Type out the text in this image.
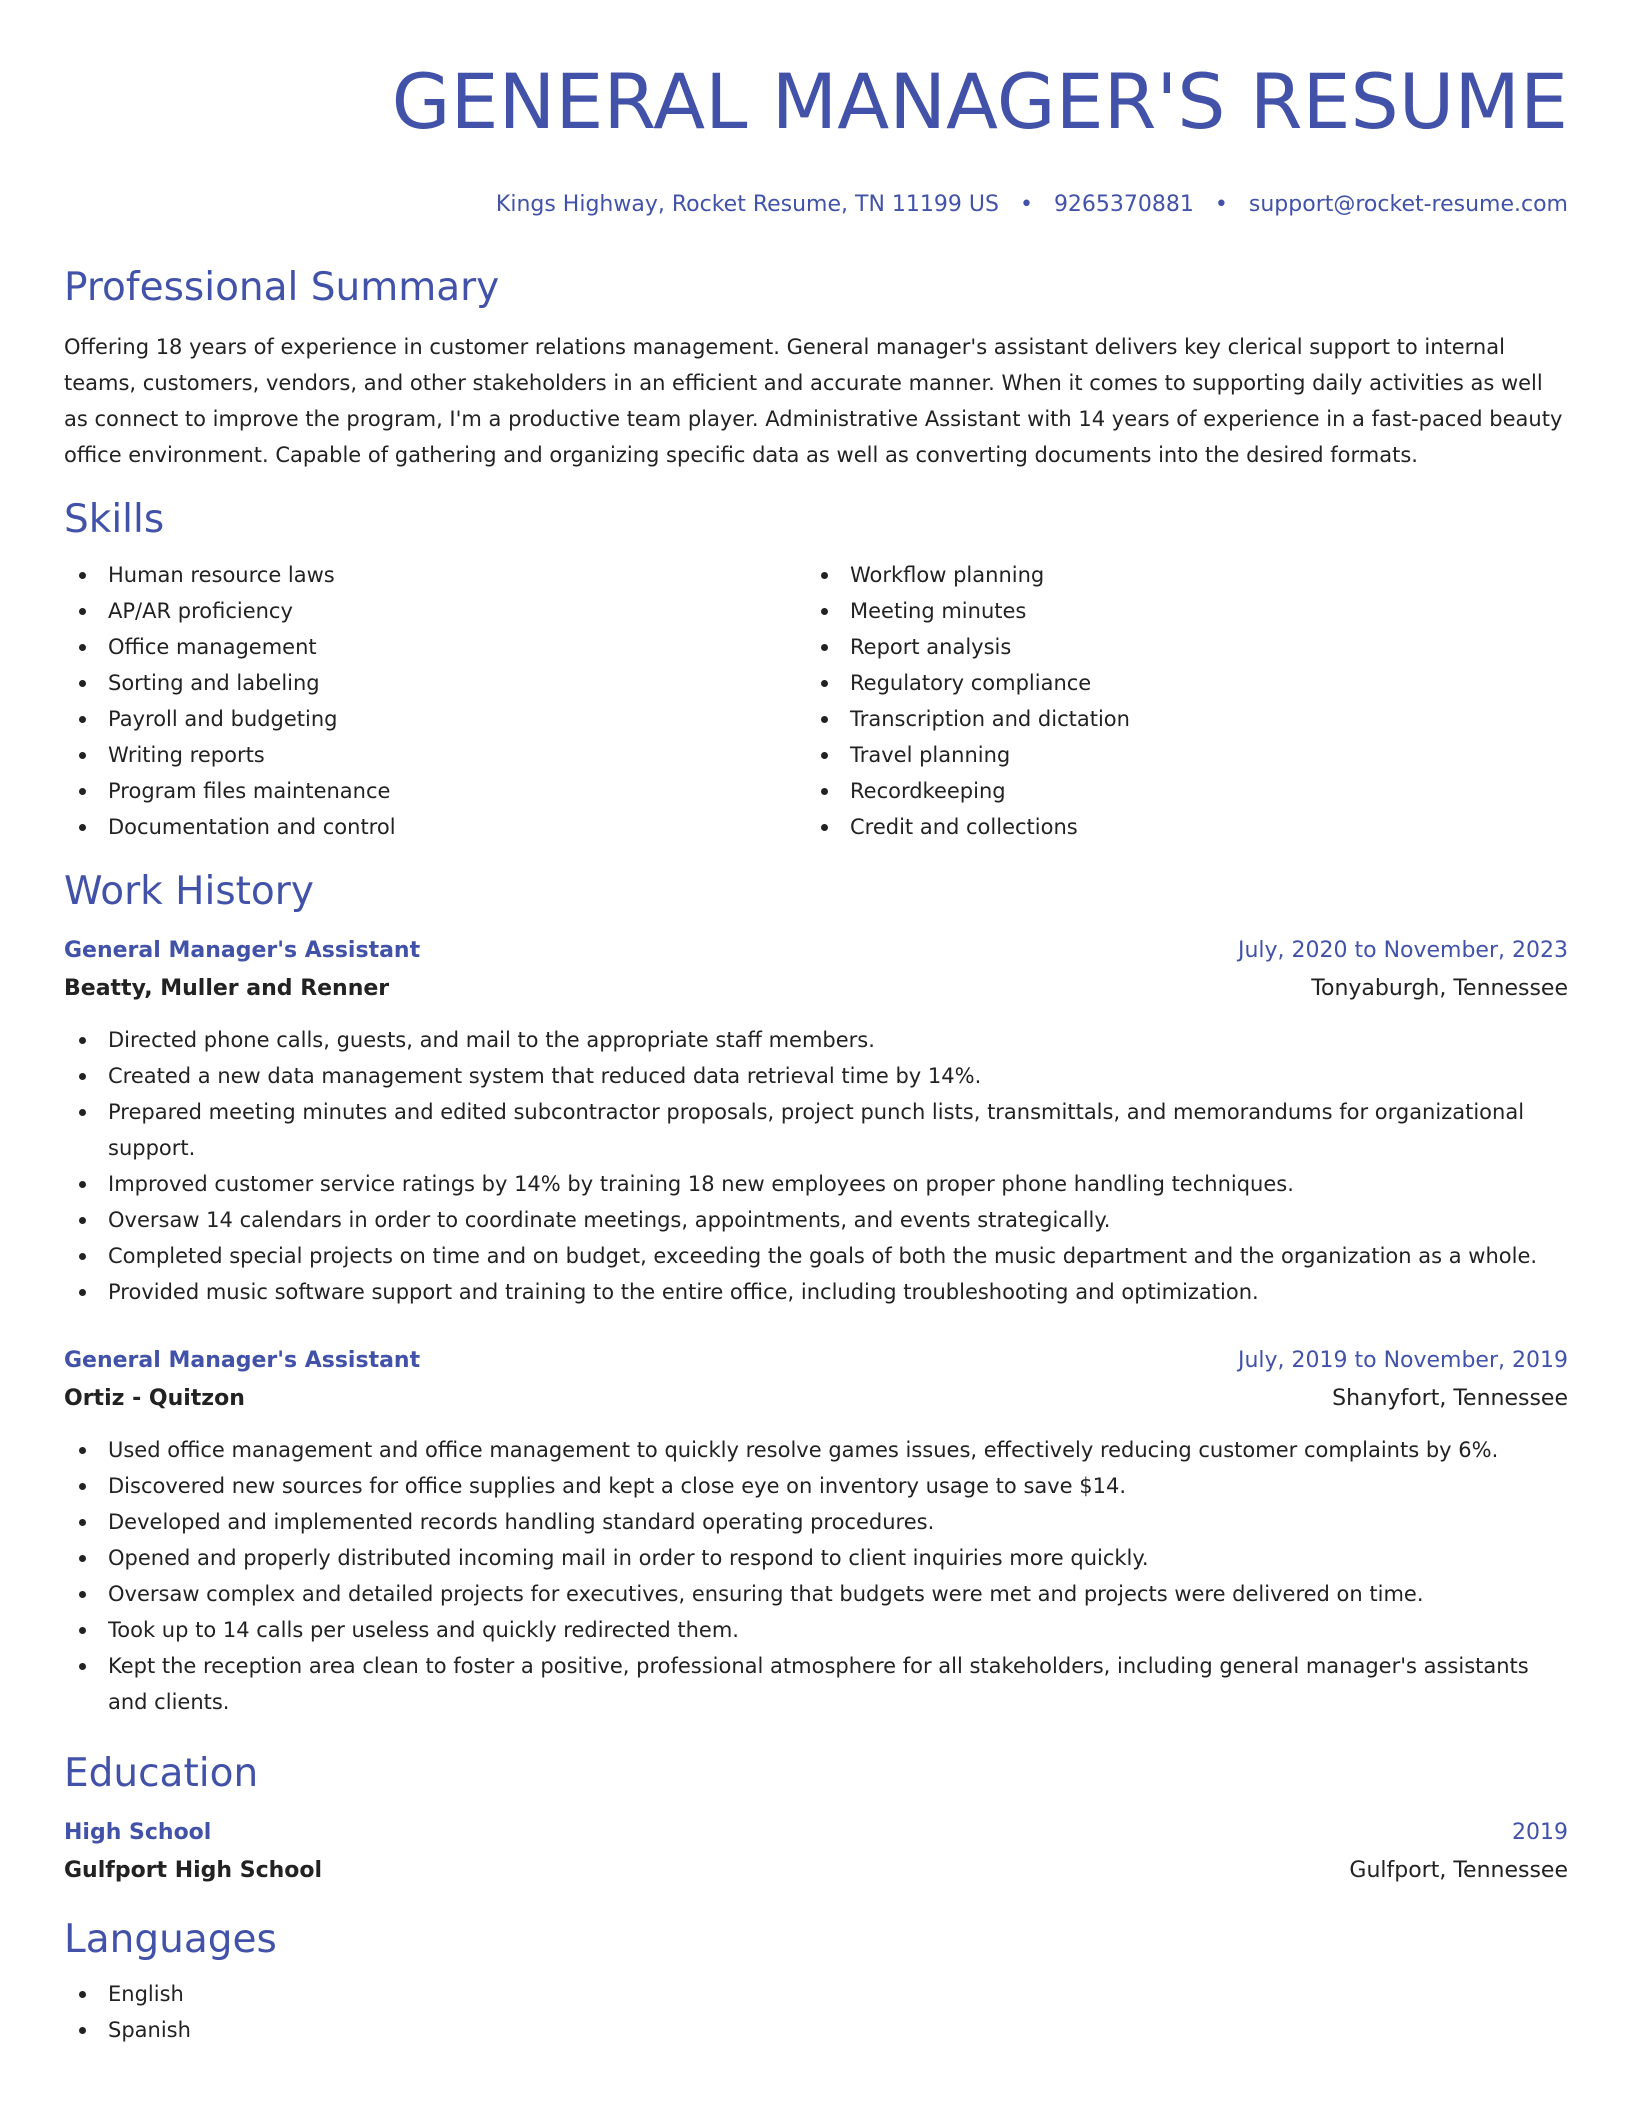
GENERAL MANAGER'S RESUME
Kings Highway, Rocket Resume, TN 11199 US • 9265370881 • support@rocket-resume.com
Professional Summary

Offering 18 years of experience in customer relations management. General manager's assistant delivers key clerical support to internal teams, customers, vendors, and other stakeholders in an efficient and accurate manner. When it comes to supporting daily activities as well as connect to improve the program, I'm a productive team player. Administrative Assistant with 14 years of experience in a fast-paced beauty office environment. Capable of gathering and organizing specific data as well as converting documents into the desired formats.

Skills
Human resource laws
AP/AR proficiency
Office management
Sorting and labeling
Payroll and budgeting
Writing reports
Program files maintenance
Documentation and control
Workflow planning
Meeting minutes
Report analysis
Regulatory compliance
Transcription and dictation
Travel planning
Recordkeeping
Credit and collections
Work History
General Manager's Assistant	July, 2020 to November, 2023
Beatty, Muller and Renner	Tonyaburgh, Tennessee
Directed phone calls, guests, and mail to the appropriate staff members.
Created a new data management system that reduced data retrieval time by 14%.
Prepared meeting minutes and edited subcontractor proposals, project punch lists, transmittals, and memorandums for organizational support.
Improved customer service ratings by 14% by training 18 new employees on proper phone handling techniques.
Oversaw 14 calendars in order to coordinate meetings, appointments, and events strategically.
Completed special projects on time and on budget, exceeding the goals of both the music department and the organization as a whole.
Provided music software support and training to the entire office, including troubleshooting and optimization.
General Manager's Assistant	July, 2019 to November, 2019
Ortiz - Quitzon	Shanyfort, Tennessee
Used office management and office management to quickly resolve games issues, effectively reducing customer complaints by 6%.
Discovered new sources for office supplies and kept a close eye on inventory usage to save $14.
Developed and implemented records handling standard operating procedures.
Opened and properly distributed incoming mail in order to respond to client inquiries more quickly.
Oversaw complex and detailed projects for executives, ensuring that budgets were met and projects were delivered on time.
Took up to 14 calls per useless and quickly redirected them.
Kept the reception area clean to foster a positive, professional atmosphere for all stakeholders, including general manager's assistants and clients.
Education
High School	2019
Gulfport High School	Gulfport, Tennessee
Languages
English
Spanish
